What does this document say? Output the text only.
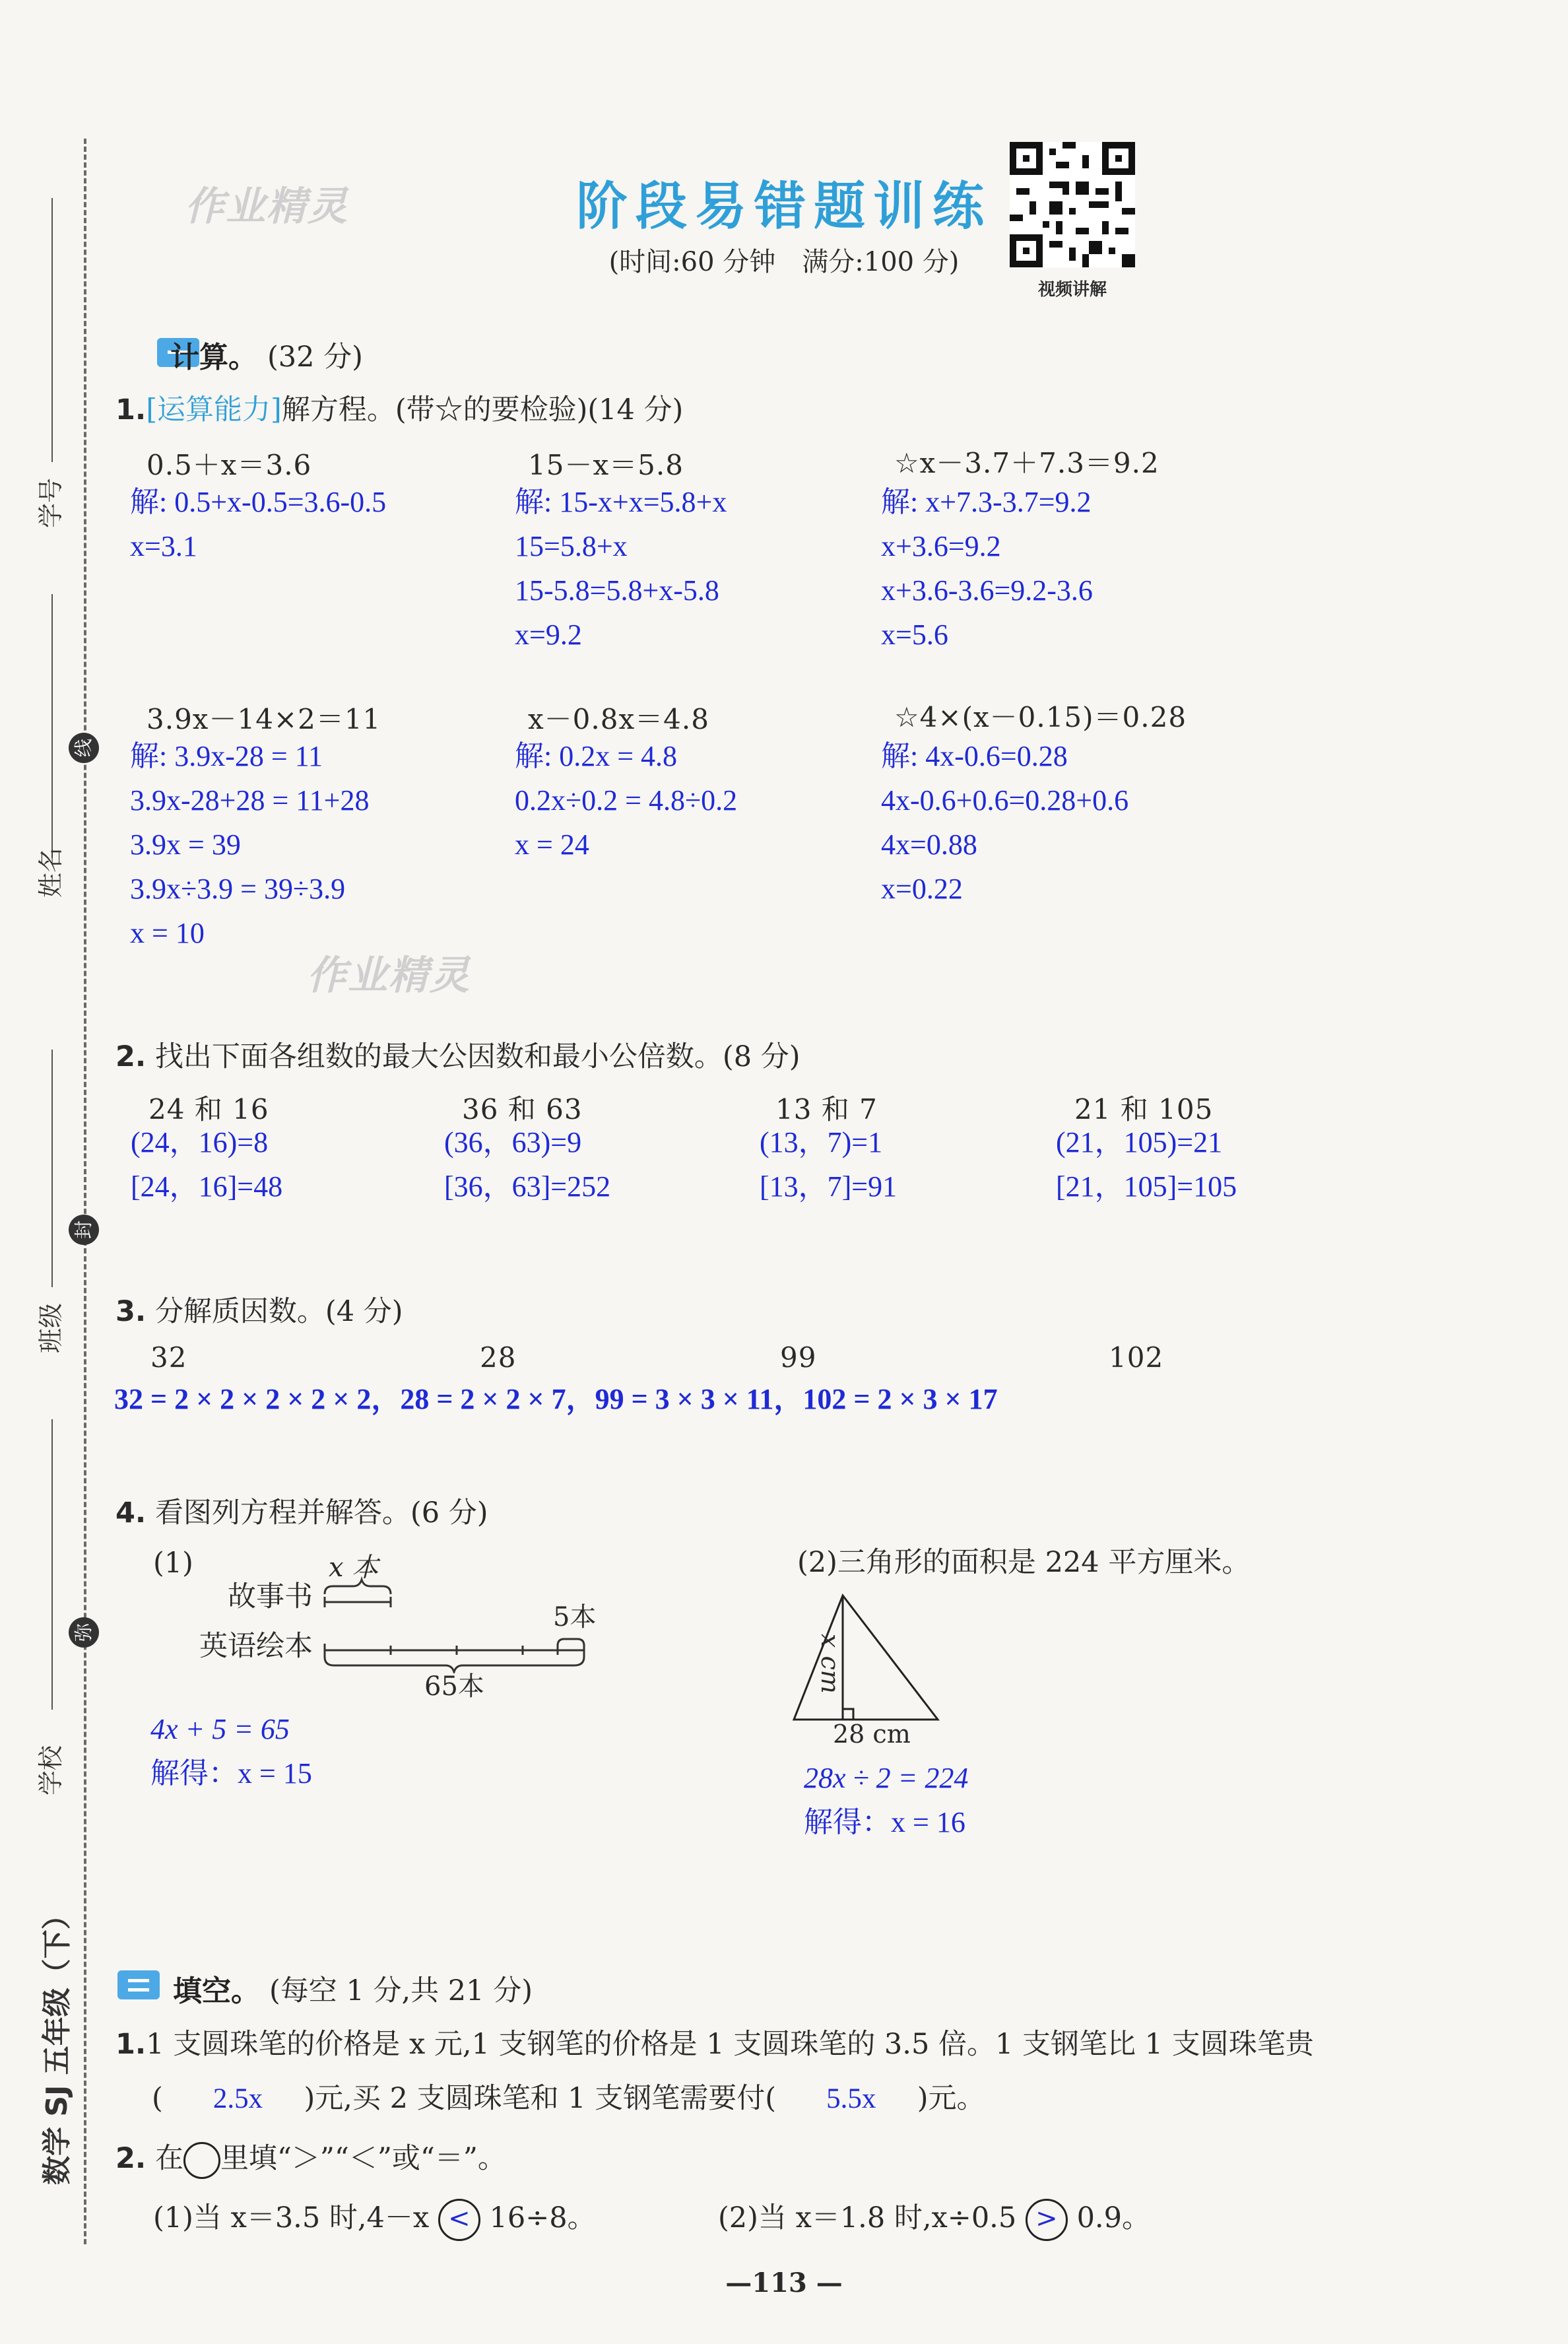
学号
姓名
班级
学校
线
封
弥
数学 SJ 五年级（下）
作业精灵	阶段易错题训练
(时间:60 分钟　满分:100 分)
视频讲解
计算。 (32 分)
1.[运算能力]解方程。(带☆的要检验)(14 分)
0.5＋x＝3.6	15－x＝5.8	☆x－3.7＋7.3＝9.2
解: 0.5+x-0.5=3.6-0.5
x=3.1
解: 15-x+x=5.8+x
15=5.8+x
15-5.8=5.8+x-5.8
x=9.2
解: x+7.3-3.7=9.2
x+3.6=9.2
x+3.6-3.6=9.2-3.6
x=5.6
3.9x－14×2＝11	x－0.8x＝4.8	☆4×(x－0.15)＝0.28
解: 3.9x-28 = 11
3.9x-28+28 = 11+28
3.9x = 39
3.9x÷3.9 = 39÷3.9
x = 10
解: 0.2x = 4.8
0.2x÷0.2 = 4.8÷0.2
x = 24
解: 4x-0.6=0.28
4x-0.6+0.6=0.28+0.6
4x=0.88
x=0.22
作业精灵
2. 找出下面各组数的最大公因数和最小公倍数。(8 分)
24 和 16	36 和 63	13 和 7	21 和 105
(24，16)=8	(36，63)=9	(13，7)=1	(21，105)=21
[24，16]=48	[36，63]=252	[13，7]=91	[21，105]=105
3. 分解质因数。(4 分)
32	28	99	102
32 = 2 × 2 × 2 × 2 × 2，28 = 2 × 2 × 7，99 = 3 × 3 × 11，102 = 2 × 3 × 17
4. 看图列方程并解答。(6 分)
(1)	x 本
故事书
英语绘本
5本
65本
4x + 5 = 65
解得：x = 15
(2)三角形的面积是 224 平方厘米。
x cm
28 cm
28x ÷ 2 = 224
解得：x = 16
填空。 (每空 1 分,共 21 分)
1.1 支圆珠笔的价格是 x 元,1 支钢笔的价格是 1 支圆珠笔的 3.5 倍。1 支钢笔比 1 支圆珠笔贵
( 2.5x )元,买 2 支圆珠笔和 1 支钢笔需要付( 5.5x )元。
2. 在 里填“＞”“＜”或“＝”。
(1)当 x＝3.5 时,4－x < 16÷8。	(2)当 x＝1.8 时,x÷0.5 > 0.9。
—113 —
